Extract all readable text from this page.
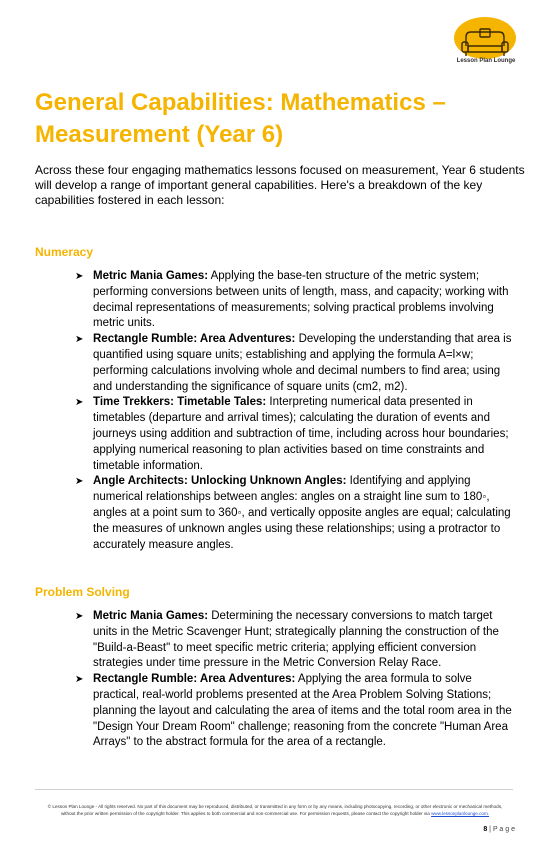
Lesson Plan Lounge
General Capabilities: Mathematics – Measurement (Year 6)

Across these four engaging mathematics lessons focused on measurement, Year 6 students will develop a range of important general capabilities. Here's a breakdown of the key capabilities fostered in each lesson:

Numeracy
➤ Metric Mania Games: Applying the base-ten structure of the metric system; performing conversions between units of length, mass, and capacity; working with decimal representations of measurements; solving practical problems involving metric units.
➤ Rectangle Rumble: Area Adventures: Developing the understanding that area is quantified using square units; establishing and applying the formula A=l×w; performing calculations involving whole and decimal numbers to find area; using and understanding the significance of square units (cm2, m2).
➤ Time Trekkers: Timetable Tales: Interpreting numerical data presented in timetables (departure and arrival times); calculating the duration of events and journeys using addition and subtraction of time, including across hour boundaries; applying numerical reasoning to plan activities based on time constraints and timetable information.
➤ Angle Architects: Unlocking Unknown Angles: Identifying and applying numerical relationships between angles: angles on a straight line sum to 180◦, angles at a point sum to 360◦, and vertically opposite angles are equal; calculating the measures of unknown angles using these relationships; using a protractor to accurately measure angles.
Problem Solving
➤ Metric Mania Games: Determining the necessary conversions to match target units in the Metric Scavenger Hunt; strategically planning the construction of the "Build-a-Beast" to meet specific metric criteria; applying efficient conversion strategies under time pressure in the Metric Conversion Relay Race.
➤ Rectangle Rumble: Area Adventures: Applying the area formula to solve practical, real-world problems presented at the Area Problem Solving Stations; planning the layout and calculating the area of items and the total room area in the "Design Your Dream Room" challenge; reasoning from the concrete "Human Area Arrays" to the abstract formula for the area of a rectangle.
© Lesson Plan Lounge - All rights reserved. No part of this document may be reproduced, distributed, or transmitted in any form or by any means, including photocopying, recording, or other electronic or mechanical methods, without the prior written permission of the copyright holder. This applies to both commercial and non-commercial use. For permission requests, please contact the copyright holder via www.lessonplanlounge.com.
8 | P a g e
